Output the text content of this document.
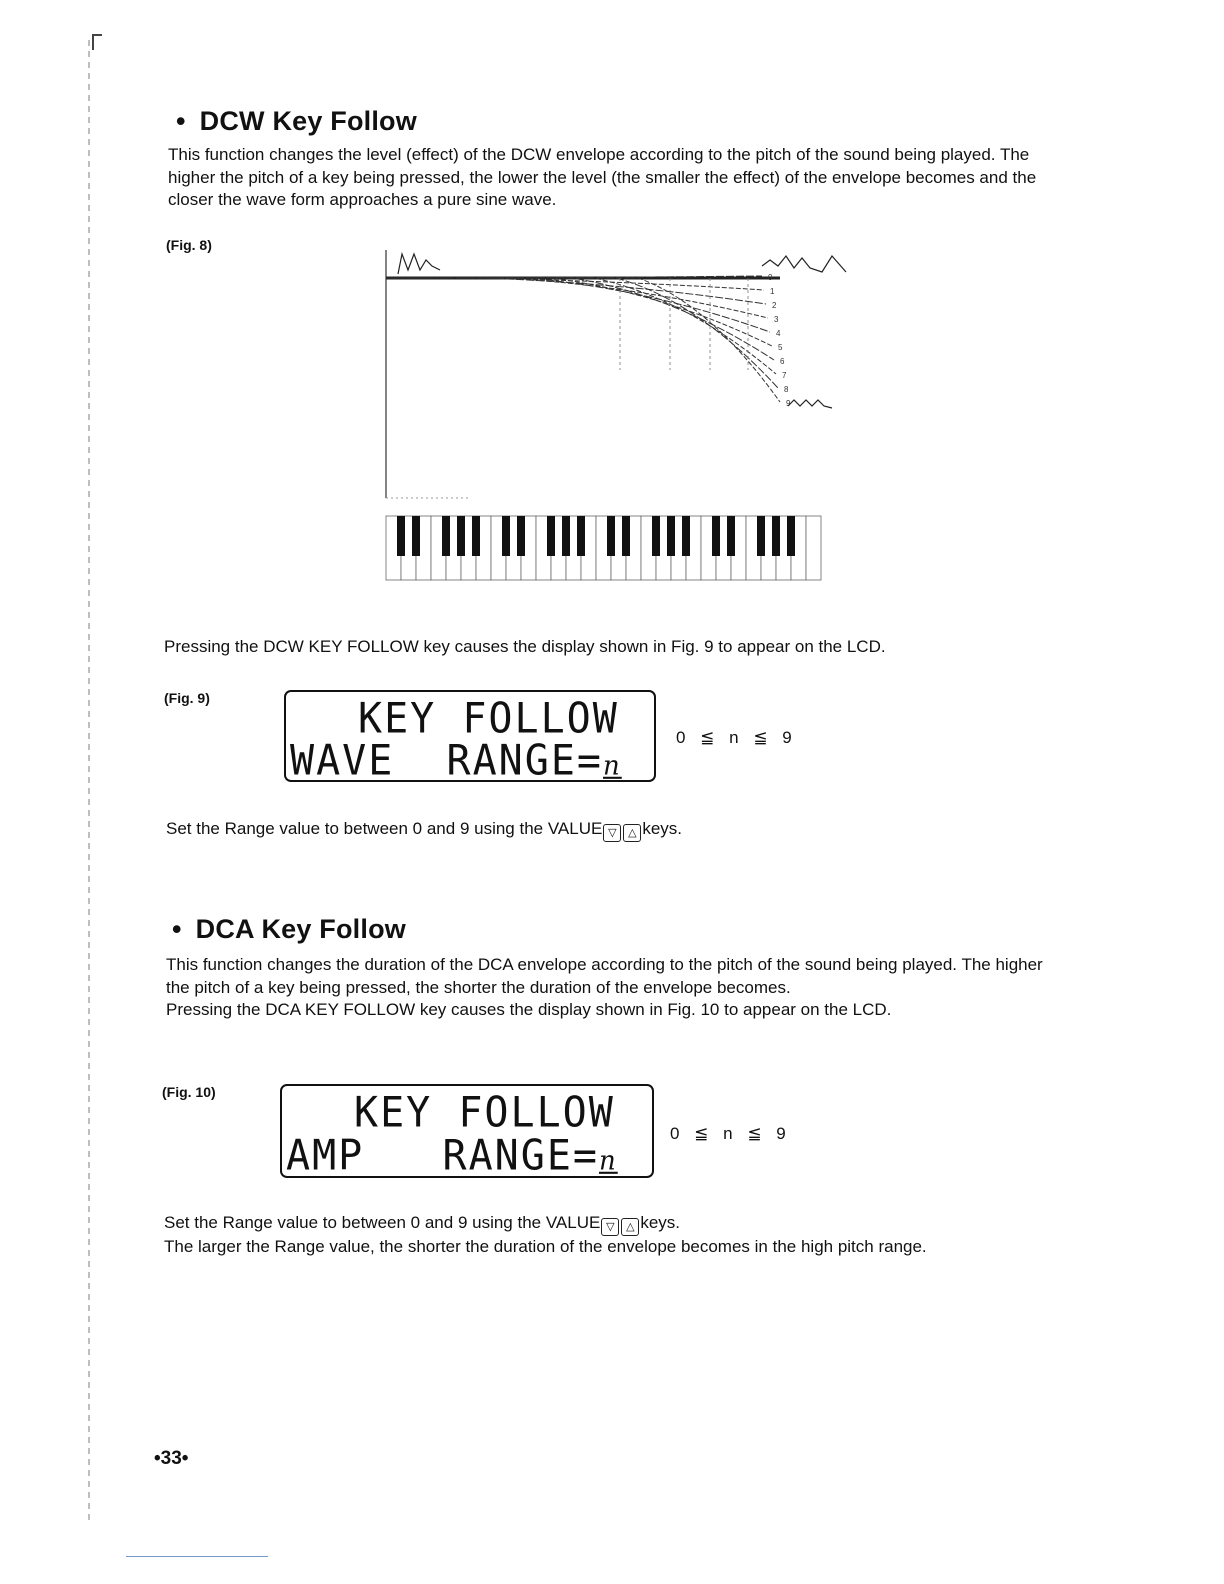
• DCW Key Follow

This function changes the level (effect) of the DCW envelope according to the pitch of the sound being played. The higher the pitch of a key being pressed, the lower the level (the smaller the effect) of the envelope becomes and the closer the wave form approaches a pure sine wave.

(Fig. 8)
0
1
2
3
4
5
6
7
8
9

Pressing the DCW KEY FOLLOW key causes the display shown in Fig. 9 to appear on the LCD.

(Fig. 9)	KEY FOLLOW
WAVE  RANGE=n
0 ≦ n ≦ 9

Set the Range value to between 0 and 9 using the VALUE ▽ △ keys.

• DCA Key Follow

This function changes the duration of the DCA envelope according to the pitch of the sound being played. The higher the pitch of a key being pressed, the shorter the duration of the envelope becomes.

Pressing the DCA KEY FOLLOW key causes the display shown in Fig. 10 to appear on the LCD.

(Fig. 10)	KEY FOLLOW
AMP   RANGE=n
0 ≦ n ≦ 9

Set the Range value to between 0 and 9 using the VALUE ▽ △ keys.

The larger the Range value, the shorter the duration of the envelope becomes in the high pitch range.

•33•
